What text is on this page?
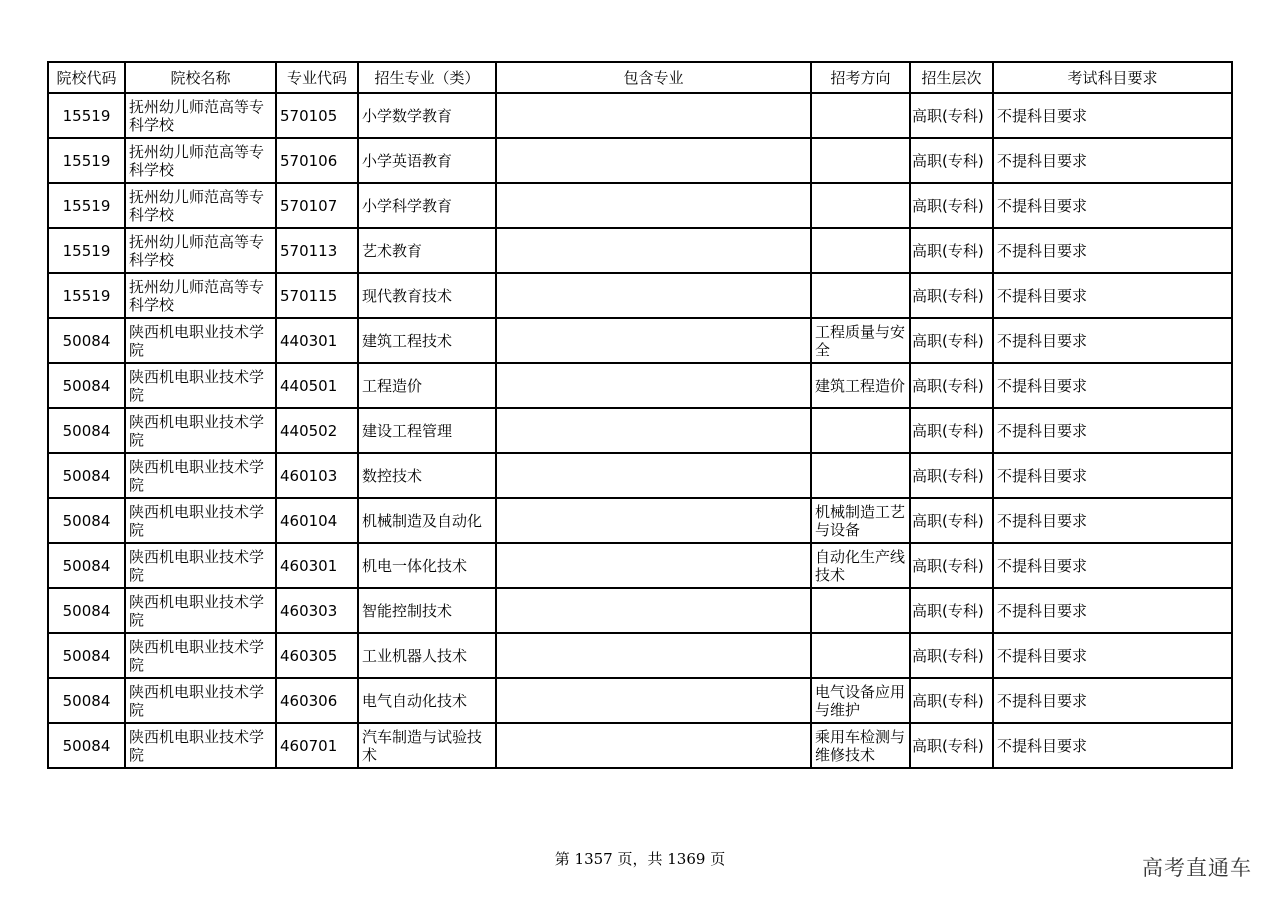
院校代码	院校名称	专业代码	招生专业（类）	包含专业	招考方向	招生层次	考试科目要求
15519	抚州幼儿师范高等专科学校	570105	小学数学教育			高职(专科)	不提科目要求
15519	抚州幼儿师范高等专科学校	570106	小学英语教育			高职(专科)	不提科目要求
15519	抚州幼儿师范高等专科学校	570107	小学科学教育			高职(专科)	不提科目要求
15519	抚州幼儿师范高等专科学校	570113	艺术教育			高职(专科)	不提科目要求
15519	抚州幼儿师范高等专科学校	570115	现代教育技术			高职(专科)	不提科目要求
50084	陕西机电职业技术学院	440301	建筑工程技术		工程质量与安全	高职(专科)	不提科目要求
50084	陕西机电职业技术学院	440501	工程造价		建筑工程造价	高职(专科)	不提科目要求
50084	陕西机电职业技术学院	440502	建设工程管理			高职(专科)	不提科目要求
50084	陕西机电职业技术学院	460103	数控技术			高职(专科)	不提科目要求
50084	陕西机电职业技术学院	460104	机械制造及自动化		机械制造工艺与设备	高职(专科)	不提科目要求
50084	陕西机电职业技术学院	460301	机电一体化技术		自动化生产线技术	高职(专科)	不提科目要求
50084	陕西机电职业技术学院	460303	智能控制技术			高职(专科)	不提科目要求
50084	陕西机电职业技术学院	460305	工业机器人技术			高职(专科)	不提科目要求
50084	陕西机电职业技术学院	460306	电气自动化技术		电气设备应用与维护	高职(专科)	不提科目要求
50084	陕西机电职业技术学院	460701	汽车制造与试验技术		乘用车检测与维修技术	高职(专科)	不提科目要求
第 1357 页，共 1369 页	高考直通车
